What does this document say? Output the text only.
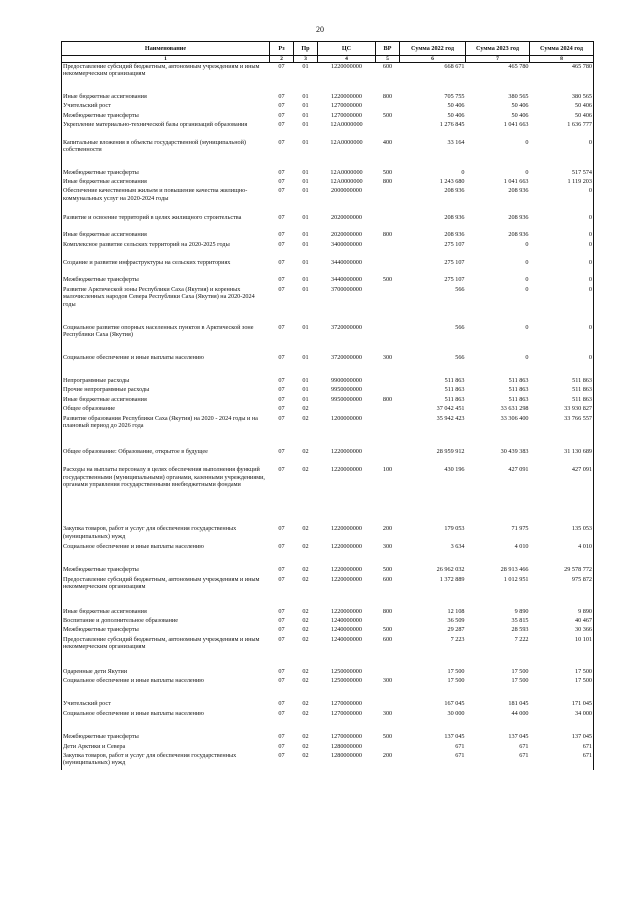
20
Наименование	Рз	Пр	ЦС	ВР	Сумма 2022 год	Сумма 2023 год	Сумма 2024 год
1	2	3	4	5	6	7	8
Предоставление субсидий бюджетным, автономным учреждениям и иным некоммерческим организациям	07	01	1220000000	600	668 671	465 780	465 780
Иные бюджетные ассигнования	07	01	1220000000	800	705 755	380 565	380 565
Учительский рост	07	01	1270000000		50 406	50 406	50 406
Межбюджетные трансферты	07	01	1270000000	500	50 406	50 406	50 406
Укрепление материально-технической базы организаций образования	07	01	12А0000000		1 276 845	1 041 663	1 636 777
Капитальные вложения в объекты государственной (муниципальной) собственности	07	01	12А0000000	400	33 164	0	0
Межбюджетные трансферты	07	01	12А0000000	500	0	0	517 574
Иные бюджетные ассигнования	07	01	12А0000000	800	1 243 680	1 041 663	1 119 203
Обеспечение качественным жильем и повышение качества жилищно-коммунальных услуг на 2020-2024 годы	07	01	2000000000		208 936	208 936	0
Развитие и освоение территорий в целях жилищного строительства	07	01	2020000000		208 936	208 936	0
Иные бюджетные ассигнования	07	01	2020000000	800	208 936	208 936	0
Комплексное развитие сельских территорий на 2020-2025 годы	07	01	3400000000		275 107	0	0
Создание и развитие инфраструктуры на сельских территориях	07	01	3440000000		275 107	0	0
Межбюджетные трансферты	07	01	3440000000	500	275 107	0	0
Развитие Арктической зоны Республики Саха (Якутия) и коренных малочисленных народов Севера Республики Саха (Якутия) на 2020-2024 годы	07	01	3700000000		566	0	0
Социальное развитие опорных населенных пунктов в Арктической зоне Республики Саха (Якутия)	07	01	3720000000		566	0	0
Социальное обеспечение и иные выплаты населению	07	01	3720000000	300	566	0	0
Непрограммные расходы	07	01	9900000000		511 863	511 863	511 863
Прочие непрограммные расходы	07	01	9950000000		511 863	511 863	511 863
Иные бюджетные ассигнования	07	01	9950000000	800	511 863	511 863	511 863
Общее образование	07	02			37 042 451	33 631 298	33 930 827
Развитие образования Республики Саха (Якутия) на 2020 - 2024 годы и на плановый период до 2026 года	07	02	1200000000		35 942 423	33 306 400	33 766 557
Общее образование: Образование, открытое в будущее	07	02	1220000000		28 959 912	30 439 383	31 130 689
Расходы на выплаты персоналу в целях обеспечения выполнения функций государственными (муниципальными) органами, казенными учреждениями, органами управления государственными внебюджетными фондами	07	02	1220000000	100	430 196	427 091	427 091
Закупка товаров, работ и услуг для обеспечения государственных (муниципальных) нужд	07	02	1220000000	200	179 053	71 975	135 053
Социальное обеспечение и иные выплаты населению	07	02	1220000000	300	3 634	4 010	4 010
Межбюджетные трансферты	07	02	1220000000	500	26 962 032	28 913 466	29 578 772
Предоставление субсидий бюджетным, автономным учреждениям и иным некоммерческим организациям	07	02	1220000000	600	1 372 889	1 012 951	975 872
Иные бюджетные ассигнования	07	02	1220000000	800	12 108	9 890	9 890
Воспитание и дополнительное образование	07	02	1240000000		36 509	35 815	40 467
Межбюджетные трансферты	07	02	1240000000	500	29 287	28 593	30 366
Предоставление субсидий бюджетным, автономным учреждениям и иным некоммерческим организациям	07	02	1240000000	600	7 223	7 222	10 101
Одаренные дети Якутии	07	02	1250000000		17 500	17 500	17 500
Социальное обеспечение и иные выплаты населению	07	02	1250000000	300	17 500	17 500	17 500
Учительский рост	07	02	1270000000		167 045	181 045	171 045
Социальное обеспечение и иные выплаты населению	07	02	1270000000	300	30 000	44 000	34 000
Межбюджетные трансферты	07	02	1270000000	500	137 045	137 045	137 045
Дети Арктики и Севера	07	02	1280000000		671	671	671
Закупка товаров, работ и услуг для обеспечения государственных (муниципальных) нужд	07	02	1280000000	200	671	671	671
